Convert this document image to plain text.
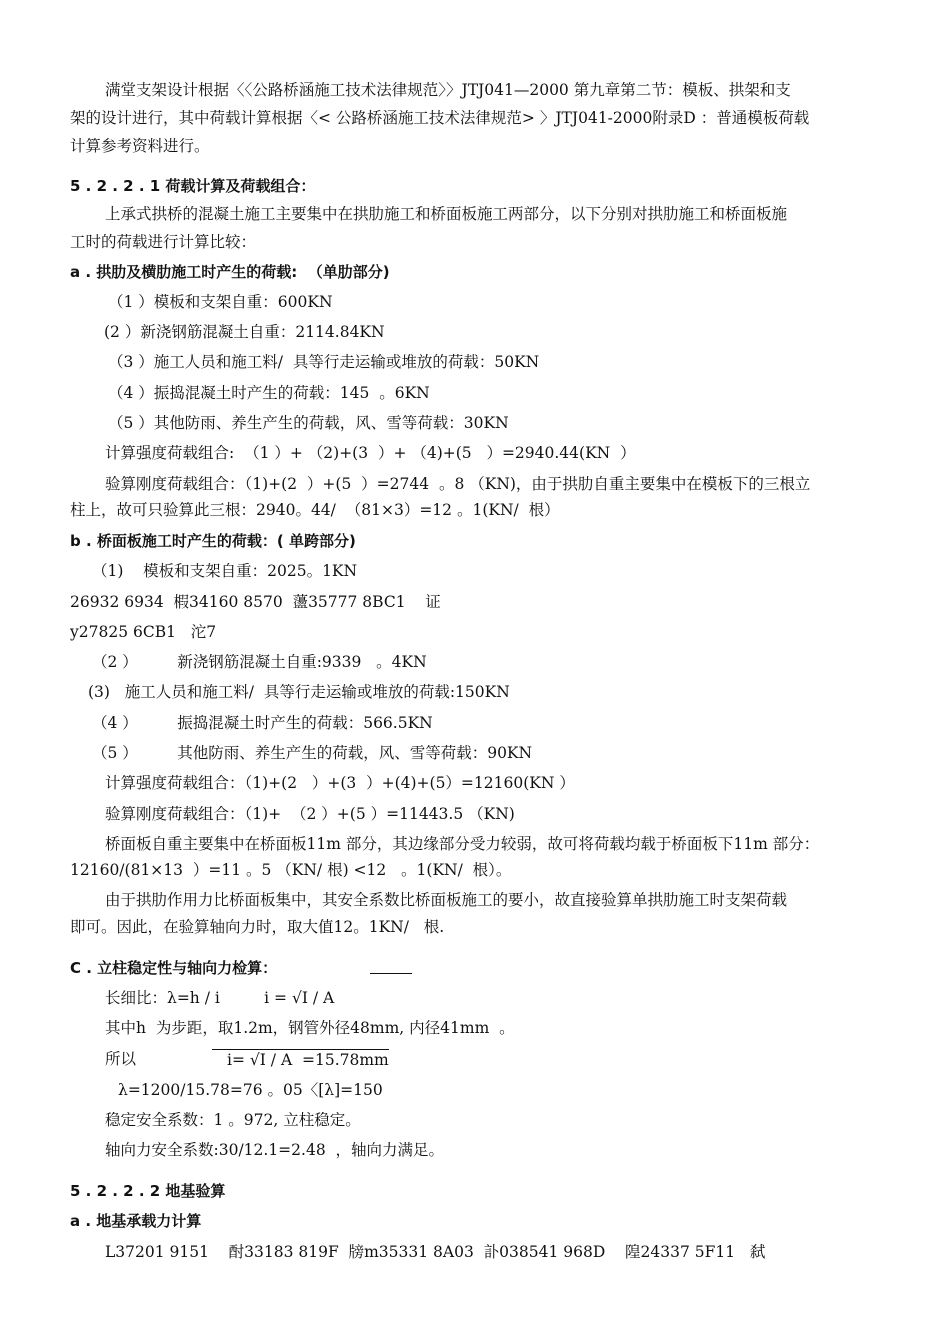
满堂支架设计根据〈〈公路桥涵施工技术法律规范〉〉JTJ041—2000 第九章第二节：模板、拱架和支
架的设计进行，其中荷载计算根据〈< 公路桥涵施工技术法律规范> 〉JTJ041-2000附录D ：普通模板荷载
计算参考资料进行。
5 . 2 . 2 . 1 荷载计算及荷载组合：
上承式拱桥的混凝土施工主要集中在拱肋施工和桥面板施工两部分，以下分别对拱肋施工和桥面板施
工时的荷载进行计算比较：
a . 拱肋及横肋施工时产生的荷载:  （单肋部分)
（1 ）模板和支架自重：600KN
(2 ）新浇钢筋混凝土自重：2114.84KN
（3 ）施工人员和施工料/  具等行走运输或堆放的荷载：50KN
（4 ）振捣混凝土时产生的荷载：145  。6KN
（5 ）其他防雨、养生产生的荷载，风、雪等荷载：30KN
计算强度荷载组合:  （1 ）+ （2)+(3  ）+ （4)+(5   ）=2940.44(KN  ）
验算刚度荷载组合：（1)+(2  ）+(5  ）=2744  。8 （KN)，由于拱肋自重主要集中在模板下的三根立
柱上，故可只验算此三根：2940。44/  （81×3）=12 。1(KN/  根）
b . 桥面板施工时产生的荷载：( 单跨部分)
（1)    模板和支架自重：2025。1KN
26932 6934  椵34160 8570  蘯35777 8BC1    证
y27825 6CB1   沱7
（2 ）        新浇钢筋混凝土自重:9339   。4KN
(3)   施工人员和施工料/  具等行走运输或堆放的荷载:150KN
（4 ）        振捣混凝土时产生的荷载：566.5KN
（5 ）        其他防雨、养生产生的荷载，风、雪等荷载：90KN
计算强度荷载组合：（1)+(2   ）+(3  ）+(4)+(5）=12160(KN ）
验算刚度荷载组合：（1)+  （2 ）+(5 ）=11443.5 （KN)
桥面板自重主要集中在桥面板11m 部分，其边缘部分受力较弱，故可将荷载均载于桥面板下11m 部分：
12160/(81×13  ）=11 。5 （KN/ 根) <12   。1(KN/  根）。
由于拱肋作用力比桥面板集中，其安全系数比桥面板施工的要小，故直接验算单拱肋施工时支架荷载
即可。因此，在验算轴向力时，取大值12。1KN/   根.
C . 立柱稳定性与轴向力检算：
长细比：λ=h / i         i = √I / A
其中h  为步距，取1.2m，钢管外径48mm, 内径41mm  。
所以	i= √I / A  =15.78mm
λ=1200/15.78=76 。05〈[λ]=150
稳定安全系数：1 。972, 立柱稳定。
轴向力安全系数:30/12.1=2.48  ，轴向力满足。
5 . 2 . 2 . 2 地基验算
a . 地基承载力计算
L37201 9151    酎33183 819F  牓m35331 8A03  訃038541 968D    隍24337 5F11   弑
